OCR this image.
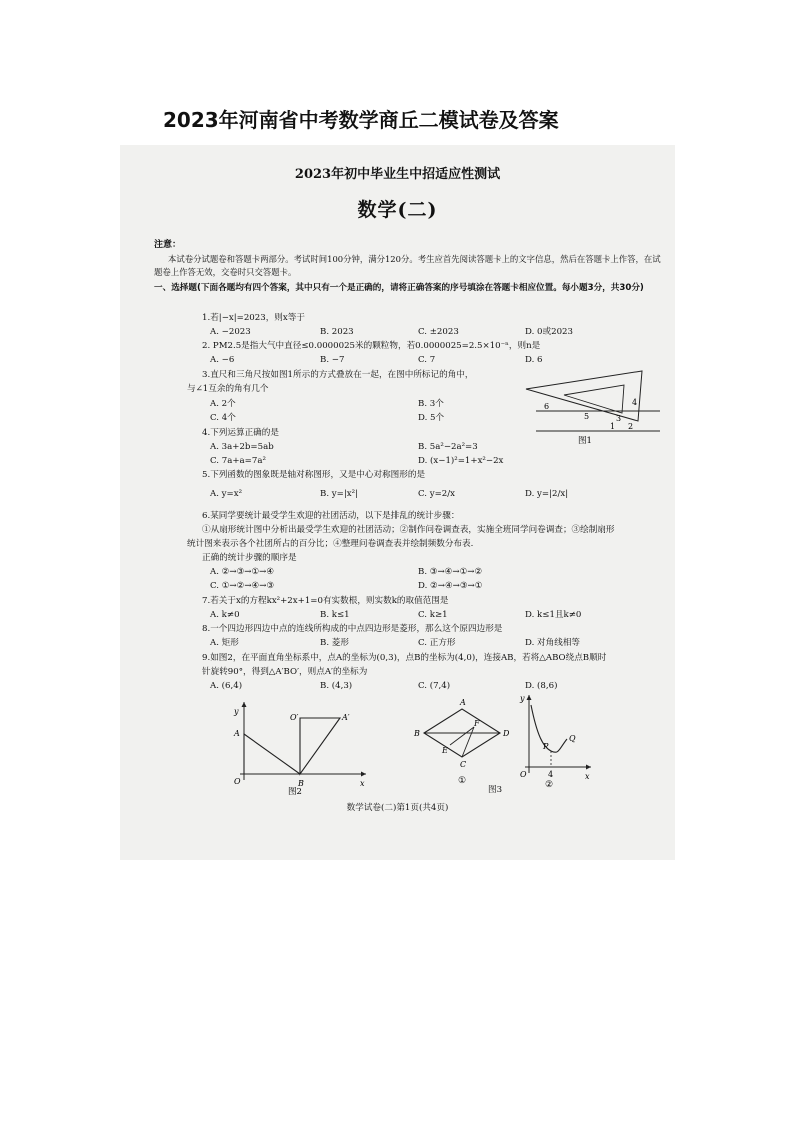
2023年河南省中考数学商丘二模试卷及答案
2023年初中毕业生中招适应性测试
数学(二)
注意：
本试卷分试题卷和答题卡两部分。考试时间100分钟，满分120分。考生应首先阅读答题卡上的文字信息，然后在答题卡上作答，在试题卷上作答无效，交卷时只交答题卡。
一、选择题(下面各题均有四个答案，其中只有一个是正确的，请将正确答案的序号填涂在答题卡相应位置。每小题3分，共30分)
1.若|−x|=2023，则x等于
A. −2023	B. 2023	C. ±2023	D. 0或2023
2. PM2.5是指大气中直径≤0.0000025米的颗粒物，若0.0000025=2.5×10⁻ⁿ，则n是
A. −6	B. −7	C. 7	D. 6
3.直尺和三角尺按如图1所示的方式叠放在一起，在图中所标记的角中，
与∠1互余的角有几个
A. 2个	B. 3个
C. 4个	D. 5个
6
5
4
3
1 2
图1
4.下列运算正确的是
A. 3a+2b=5ab	B. 5a²−2a²=3
C. 7a+a=7a²	D. (x−1)²=1+x²−2x
5.下列函数的图象既是轴对称图形，又是中心对称图形的是
A. y=x²	B. y=|x²|	C. y=2/x	D. y=|2/x|
6.某同学要统计最受学生欢迎的社团活动，以下是排乱的统计步骤：
①从扇形统计图中分析出最受学生欢迎的社团活动；②制作问卷调查表，实施全班同学问卷调查；③绘制扇形
统计图来表示各个社团所占的百分比；④整理问卷调查表并绘制频数分布表.
正确的统计步骤的顺序是
A. ②→③→①→④	B. ③→④→①→②
C. ①→②→④→③	D. ②→④→③→①
7.若关于x的方程kx²+2x+1=0有实数根，则实数k的取值范围是
A. k≠0	B. k≤1	C. k≥1	D. k≤1且k≠0
8.一个四边形四边中点的连线所构成的中点四边形是菱形，那么这个原四边形是
A. 矩形	B. 菱形	C. 正方形	D. 对角线相等
9.如图2，在平面直角坐标系中，点A的坐标为(0,3)，点B的坐标为(4,0)，连接AB，若将△ABO绕点B顺时
针旋转90°，得到△A′BO′，则点A′的坐标为
A. (6,4)	B. (4,3)	C. (7,4)	D. (8,6)
y
x
O
A
B
O′	A′
图2
A
B
C
D
E
F
①
y
x
O	4
P
Q
②
图3
数学试卷(二)第1页(共4页)
